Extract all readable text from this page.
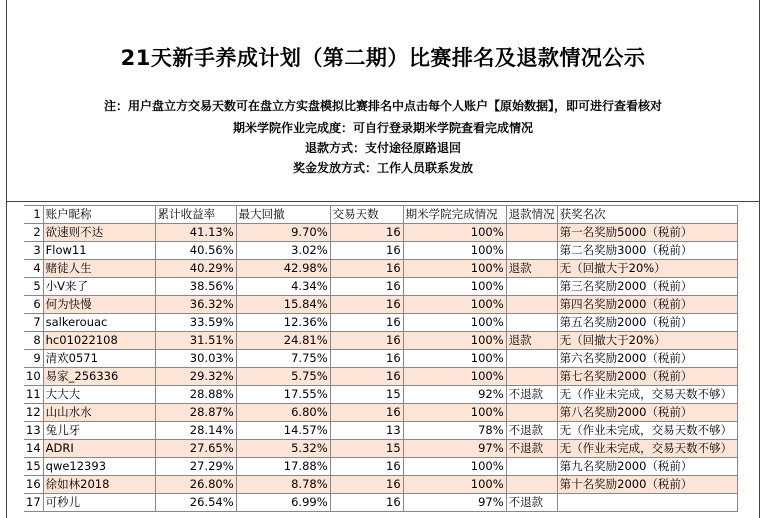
21天新手养成计划（第二期）比赛排名及退款情况公示
注：用户盘立方交易天数可在盘立方实盘模拟比赛排名中点击每个人账户【原始数据】，即可进行查看核对
期米学院作业完成度：可自行登录期米学院查看完成情况
退款方式：支付途径原路退回
奖金发放方式：工作人员联系发放
1	账户昵称	累计收益率	最大回撤	交易天数	期米学院完成情况	退款情况	获奖名次
2	欲速则不达	41.13%	9.70%	16	100%		第一名奖励5000（税前）
3	Flow11	40.56%	3.02%	16	100%		第二名奖励3000（税前）
4	赌徒人生	40.29%	42.98%	16	100%	退款	无（回撤大于20%）
5	小V来了	38.56%	4.34%	16	100%		第三名奖励2000（税前）
6	何为快慢	36.32%	15.84%	16	100%		第四名奖励2000（税前）
7	salkerouac	33.59%	12.36%	16	100%		第五名奖励2000（税前）
8	hc01022108	31.51%	24.81%	16	100%	退款	无（回撤大于20%）
9	清欢0571	30.03%	7.75%	16	100%		第六名奖励2000（税前）
10	易家_256336	29.32%	5.75%	16	100%		第七名奖励2000（税前）
11	大大大	28.88%	17.55%	15	92%	不退款	无（作业未完成，交易天数不够）
12	山山水水	28.87%	6.80%	16	100%		第八名奖励2000（税前）
13	兔儿牙	28.14%	14.57%	13	78%	不退款	无（作业未完成，交易天数不够）
14	ADRI	27.65%	5.32%	15	97%	不退款	无（作业未完成，交易天数不够）
15	qwe12393	27.29%	17.88%	16	100%		第九名奖励2000（税前）
16	徐如林2018	26.80%	8.78%	16	100%		第十名奖励2000（税前）
17	可秒儿	26.54%	6.99%	16	97%	不退款	
